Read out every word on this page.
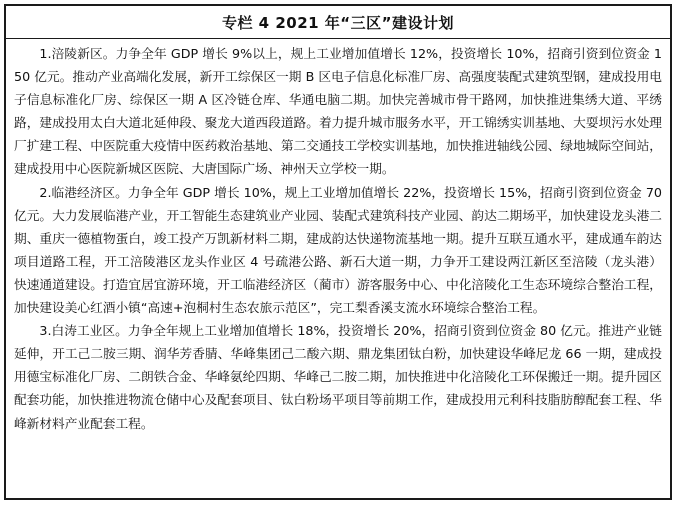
专栏 4 2021 年“三区”建设计划

1.涪陵新区。力争全年 GDP 增长 9%以上，规上工业增加值增长 12%，投资增长 10%，招商引资到位资金 150 亿元。推动产业高端化发展，新开工综保区一期 B 区电子信息化标准厂房、高强度装配式建筑型钢，建成投用电子信息标准化厂房、综保区一期 A 区冷链仓库、华通电脑二期。加快完善城市骨干路网，加快推进集绣大道、平绣路，建成投用太白大道北延伸段、聚龙大道西段道路。着力提升城市服务水平，开工锦绣实训基地、大耍坝污水处理厂扩建工程、中医院重大疫情中医药救治基地、第二交通技工学校实训基地，加快推进轴线公园、绿地城际空间站，建成投用中心医院新城区医院、大唐国际广场、神州天立学校一期。

2.临港经济区。力争全年 GDP 增长 10%，规上工业增加值增长 22%，投资增长 15%，招商引资到位资金 70 亿元。大力发展临港产业，开工智能生态建筑业产业园、装配式建筑科技产业园、韵达二期场平，加快建设龙头港二期、重庆一德植物蛋白，竣工投产万凯新材料二期，建成韵达快递物流基地一期。提升互联互通水平，建成通车韵达项目道路工程，开工涪陵港区龙头作业区 4 号疏港公路、新石大道一期，力争开工建设两江新区至涪陵（龙头港）快速通道建设。打造宜居宜游环境，开工临港经济区（蔺市）游客服务中心、中化涪陵化工生态环境综合整治工程，加快建设美心红酒小镇“高速+泡桐村生态农旅示范区”，完工梨香溪支流水环境综合整治工程。

3.白涛工业区。力争全年规上工业增加值增长 18%，投资增长 20%，招商引资到位资金 80 亿元。推进产业链延伸，开工己二胺三期、润华芳香腈、华峰集团己二酸六期、鼎龙集团钛白粉，加快建设华峰尼龙 66 一期，建成投用德宝标准化厂房、二朗铁合金、华峰氨纶四期、华峰己二胺二期，加快推进中化涪陵化工环保搬迁一期。提升园区配套功能，加快推进物流仓储中心及配套项目、钛白粉场平项目等前期工作，建成投用元利科技脂肪醇配套工程、华峰新材料产业配套工程。
